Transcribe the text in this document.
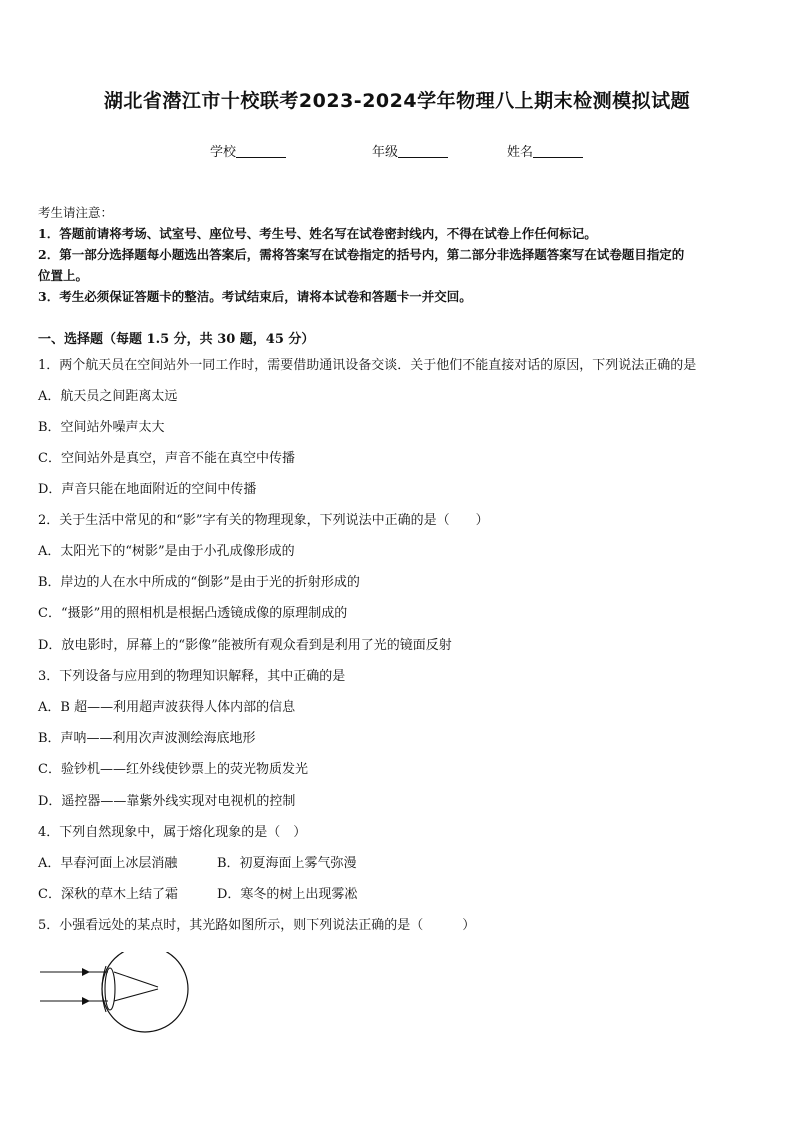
湖北省潜江市十校联考2023-2024学年物理八上期末检测模拟试题
学校	年级	姓名
考生请注意：

1．答题前请将考场、试室号、座位号、考生号、姓名写在试卷密封线内，不得在试卷上作任何标记。

2．第一部分选择题每小题选出答案后，需将答案写在试卷指定的括号内，第二部分非选择题答案写在试卷题目指定的

位置上。

3．考生必须保证答题卡的整洁。考试结束后，请将本试卷和答题卡一并交回。

一、选择题（每题 1.5 分，共 30 题，45 分）
1．两个航天员在空间站外一同工作时，需要借助通讯设备交谈．关于他们不能直接对话的原因，下列说法正确的是
A．航天员之间距离太远
B．空间站外噪声太大
C．空间站外是真空，声音不能在真空中传播
D．声音只能在地面附近的空间中传播
2．关于生活中常见的和“影”字有关的物理现象，下列说法中正确的是（　　）
A．太阳光下的“树影”是由于小孔成像形成的
B．岸边的人在水中所成的“倒影”是由于光的折射形成的
C．“摄影”用的照相机是根据凸透镜成像的原理制成的
D．放电影时，屏幕上的“影像”能被所有观众看到是利用了光的镜面反射
3．下列设备与应用到的物理知识解释，其中正确的是
A．B 超——利用超声波获得人体内部的信息
B．声呐——利用次声波测绘海底地形
C．验钞机——红外线使钞票上的荧光物质发光
D．遥控器——靠紫外线实现对电视机的控制
4．下列自然现象中，属于熔化现象的是（　）
A．早春河面上冰层消融	B．初夏海面上雾气弥漫
C．深秋的草木上结了霜	D．寒冬的树上出现雾凇
5．小强看远处的某点时，其光路如图所示，则下列说法正确的是（　　　）
